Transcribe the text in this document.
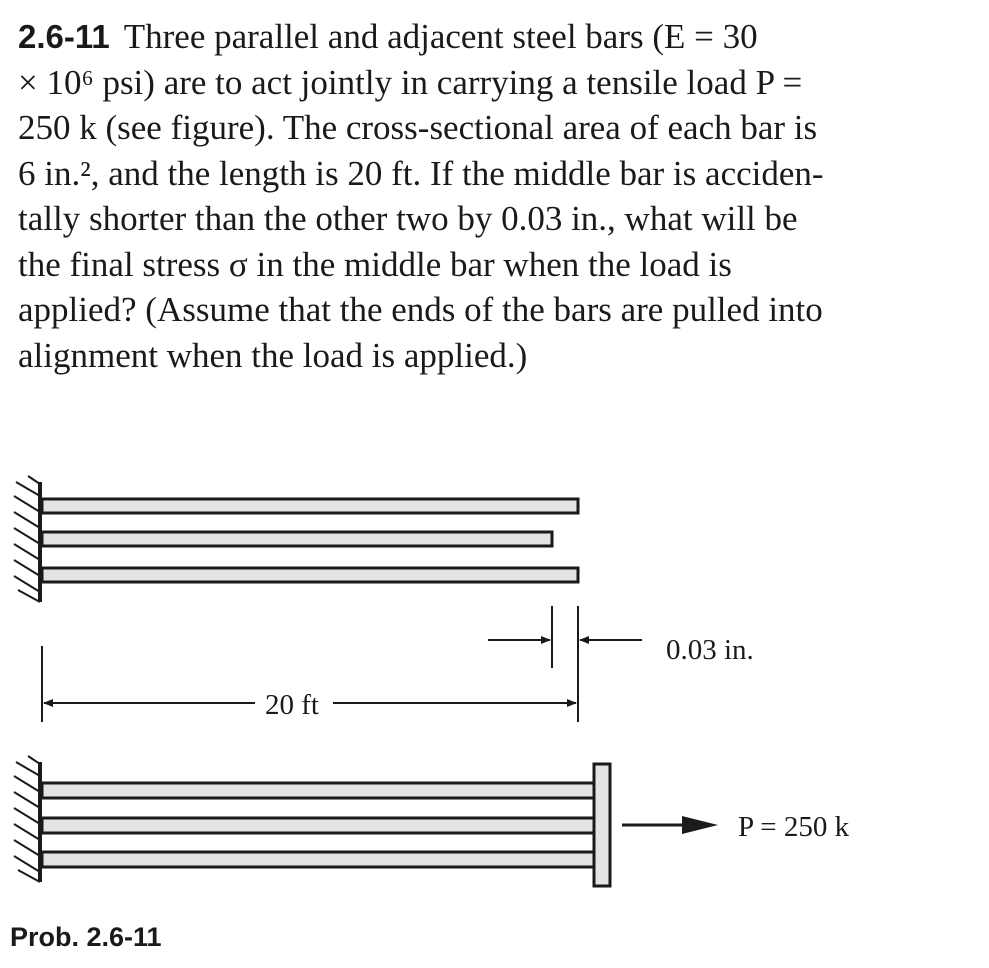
2.6-11 Three parallel and adjacent steel bars (E = 30
× 10⁶ psi) are to act jointly in carrying a tensile load P =
250 k (see figure). The cross-sectional area of each bar is
6 in.², and the length is 20 ft. If the middle bar is acciden-
tally shorter than the other two by 0.03 in., what will be
the final stress σ in the middle bar when the load is
applied? (Assume that the ends of the bars are pulled into
alignment when the load is applied.)
0.03 in.
20 ft
P = 250 k

Prob. 2.6-11
